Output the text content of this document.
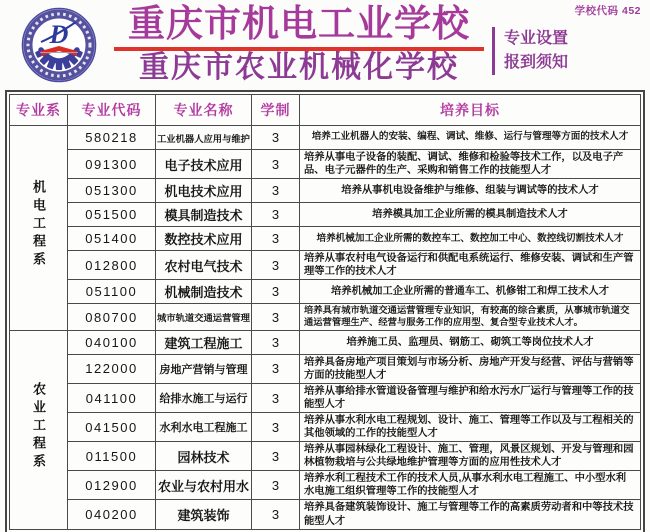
D	重庆市机电工业学校
重庆市农业机械化学校
专业设置
报到须知
学校代码 452
专业系	专业代码	专业名称	学制	培养目标
机电工程系	580218	工业机器人应用与维护	3	培养工业机器人的安装、编程、调试、维修、运行与管理等方面的技术人才
	091300	电子技术应用	3	培养从事电子设备的装配、调试、维修和检验等技术工作，以及电子产品、电子元器件的生产、采购和销售工作的技能型人才
	051300	机电技术应用	3	培养从事机电设备维护与维修、组装与调试等的技术人才
	051500	模具制造技术	3	培养模具加工企业所需的模具制造技术人才
	051400	数控技术应用	3	培养机械加工企业所需的数控车工、数控加工中心、数控线切割技术人才
	012800	农村电气技术	3	培养从事农村电气设备运行和供配电系统运行、维修安装、调试和生产管理等工作的技术人才
	051100	机械制造技术	3	培养机械加工企业所需的普通车工、机修钳工和焊工技术人才
	080700	城市轨道交通运营管理	3	培养具有城市轨道交通运营管理专业知识，有较高的综合素质，从事城市轨道交通运营管理生产、经营与服务工作的应用型、复合型专业技术人才。
农业工程系	040100	建筑工程施工	3	培养施工员、监理员、钢筋工、砌筑工等岗位技术人才
	122000	房地产营销与管理	3	培养具备房地产项目策划与市场分析、房地产开发与经营、评估与营销等方面的技能型人才
	041100	给排水施工与运行	3	培养从事给排水管道设备管理与维护和给水污水厂运行与管理等工作的技能型人才
	041500	水利水电工程施工	3	培养从事水利水电工程规划、设计、施工、管理等工作以及与工程相关的其他领域的工作的技能型人才
	011500	园林技术	3	培养从事园林绿化工程设计、施工、管理，风景区规划、开发与管理和园林植物栽培与公共绿地维护管理等方面的应用性技术人才
	012900	农业与农村用水	3	培养水利工程技术工作的技术人员,从事水利水电工程施工、中小型水利水电施工组织管理等工作的技能型人才
	040200	建筑装饰	3	培养具备建筑装饰设计、施工与管理等工作的高素质劳动者和中等技术技能型人才
